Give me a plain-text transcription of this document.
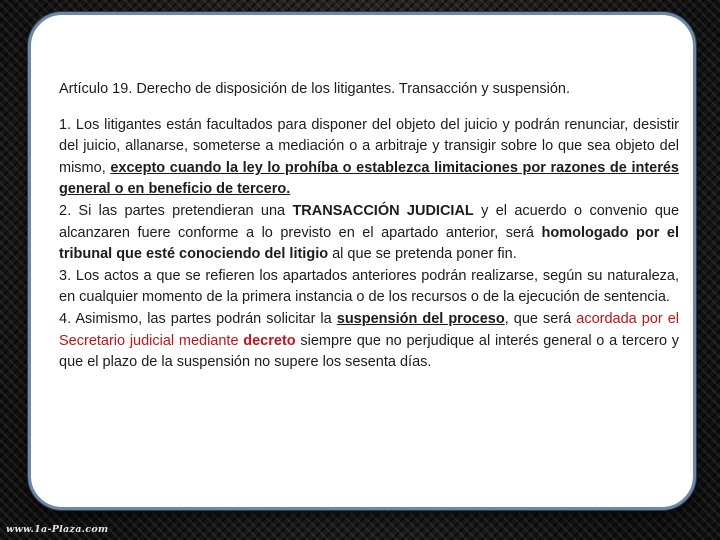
Artículo 19. Derecho de disposición de los litigantes. Transacción y suspensión.

1. Los litigantes están facultados para disponer del objeto del juicio y podrán renunciar, desistir del juicio, allanarse, someterse a mediación o a arbitraje y transigir sobre lo que sea objeto del mismo, excepto cuando la ley lo prohíba o establezca limitaciones por razones de interés general o en beneficio de tercero.

2. Si las partes pretendieran una TRANSACCIÓN JUDICIAL y el acuerdo o convenio que alcanzaren fuere conforme a lo previsto en el apartado anterior, será homologado por el tribunal que esté conociendo del litigio al que se pretenda poner fin.

3. Los actos a que se refieren los apartados anteriores podrán realizarse, según su naturaleza, en cualquier momento de la primera instancia o de los recursos o de la ejecución de sentencia.

4. Asimismo, las partes podrán solicitar la suspensión del proceso, que será acordada por el Secretario judicial mediante decreto siempre que no perjudique al interés general o a tercero y que el plazo de la suspensión no supere los sesenta días.

www.1a-Plaza.com
